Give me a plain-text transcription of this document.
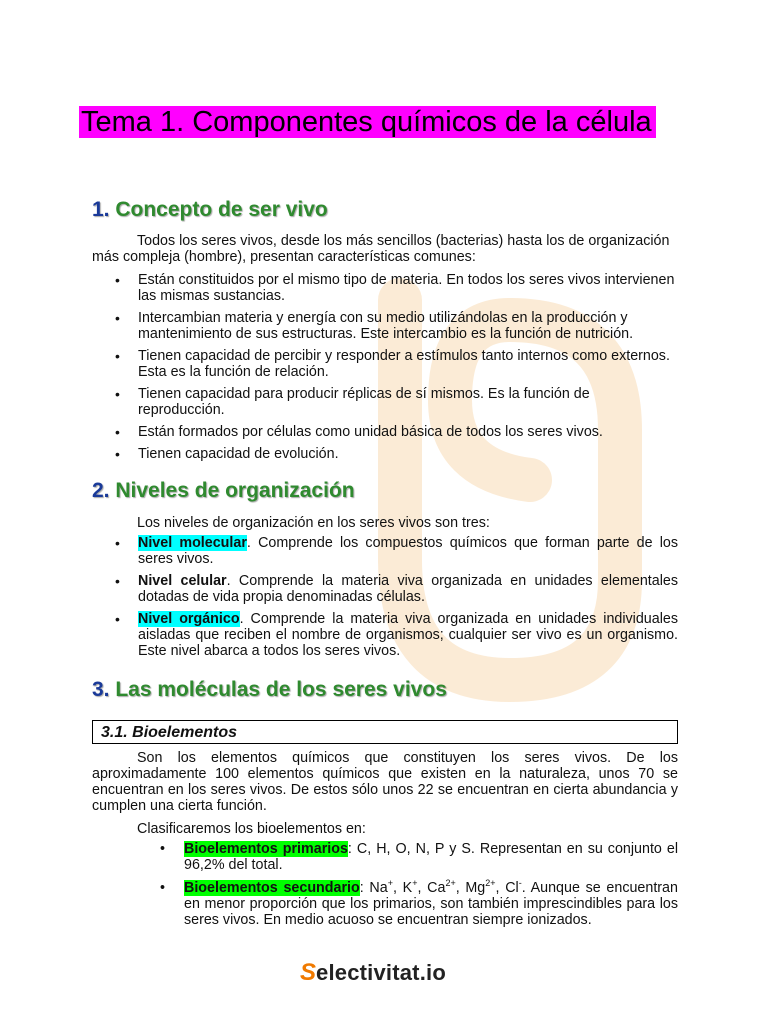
Tema 1. Componentes químicos de la célula
1. Concepto de ser vivo

Todos los seres vivos, desde los más sencillos (bacterias) hasta los de organización más compleja (hombre), presentan características comunes:

• Están constituidos por el mismo tipo de materia. En todos los seres vivos intervienen las mismas sustancias.
• Intercambian materia y energía con su medio utilizándolas en la producción y mantenimiento de sus estructuras. Este intercambio es la función de nutrición.
• Tienen capacidad de percibir y responder a estímulos tanto internos como externos. Esta es la función de relación.
• Tienen capacidad para producir réplicas de sí mismos. Es la función de reproducción.
• Están formados por células como unidad básica de todos los seres vivos.
• Tienen capacidad de evolución.
2. Niveles de organización

Los niveles de organización en los seres vivos son tres:

• Nivel molecular. Comprende los compuestos químicos que forman parte de los seres vivos.
• Nivel celular. Comprende la materia viva organizada en unidades elementales dotadas de vida propia denominadas células.
• Nivel orgánico. Comprende la materia viva organizada en unidades individuales aisladas que reciben el nombre de organismos; cualquier ser vivo es un organismo. Este nivel abarca a todos los seres vivos.
3. Las moléculas de los seres vivos
3.1. Bioelementos

Son los elementos químicos que constituyen los seres vivos. De los aproximadamente 100 elementos químicos que existen en la naturaleza, unos 70 se encuentran en los seres vivos. De estos sólo unos 22 se encuentran en cierta abundancia y cumplen una cierta función.

Clasificaremos los bioelementos en:

• Bioelementos primarios: C, H, O, N, P y S. Representan en su conjunto el 96,2% del total.
• Bioelementos secundario: Na+, K+, $Ca^{2+}$, $Mg^{2+}$, Cl-. Aunque se encuentran en menor proporción que los primarios, son también imprescindibles para los seres vivos. En medio acuoso se encuentran siempre ionizados.
S electivitat.io
